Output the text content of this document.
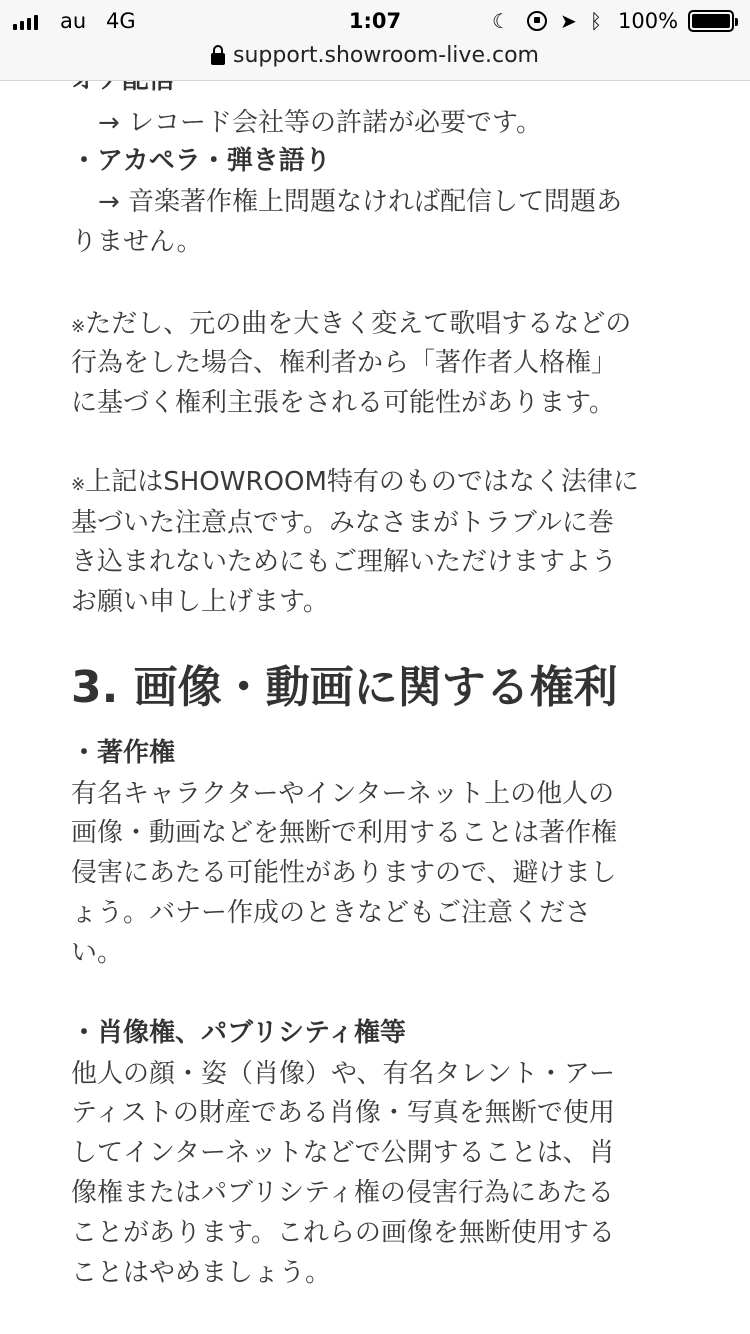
→ レコード会社等の許諾が必要です。
・アカペラ・弾き語り
→ 音楽著作権上問題なければ配信して問題あ
りません。
※ただし、元の曲を大きく変えて歌唱するなどの
行為をした場合、権利者から「著作者人格権」
に基づく権利主張をされる可能性があります。
※上記はSHOWROOM特有のものではなく法律に
基づいた注意点です。みなさまがトラブルに巻
き込まれないためにもご理解いただけますよう
お願い申し上げます。
3. 画像・動画に関する権利
・著作権
有名キャラクターやインターネット上の他人の
画像・動画などを無断で利用することは著作権
侵害にあたる可能性がありますので、避けまし
ょう。バナー作成のときなどもご注意くださ
い。
・肖像権、パブリシティ権等
他人の顔・姿（肖像）や、有名タレント・アー
ティストの財産である肖像・写真を無断で使用
してインターネットなどで公開することは、肖
像権またはパブリシティ権の侵害行為にあたる
ことがあります。これらの画像を無断使用する
ことはやめましょう。
au 4G	1:07	☾	➤ ᛒ 100%
support.showroom-live.com
